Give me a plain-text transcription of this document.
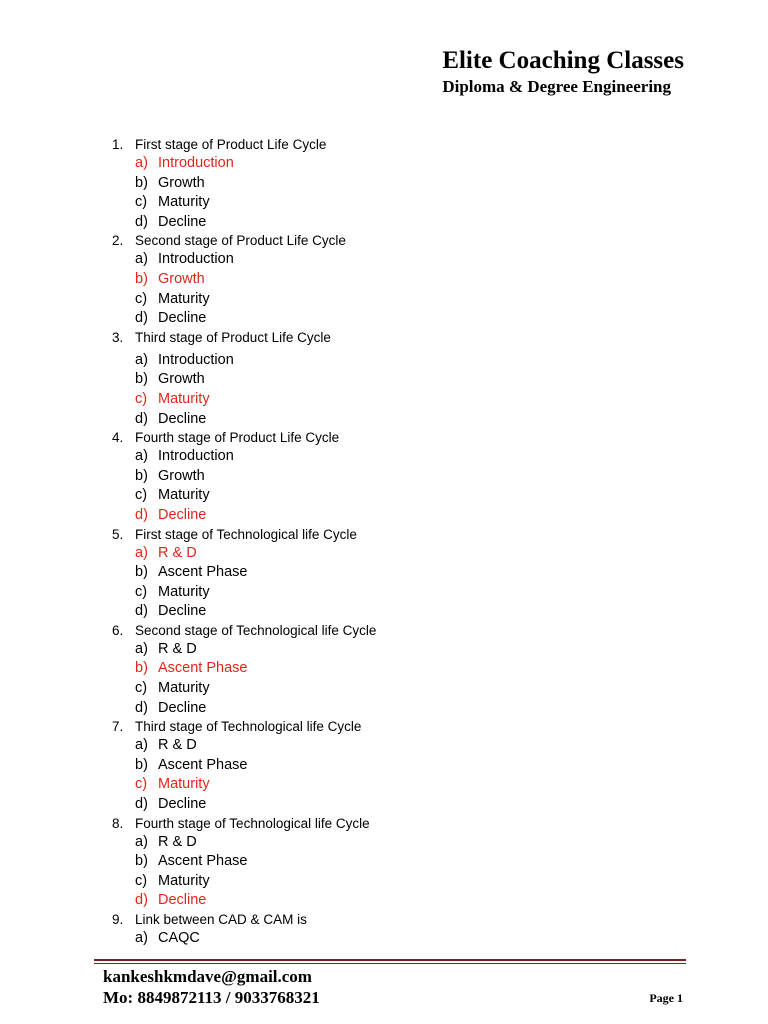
Elite Coaching Classes
Diploma & Degree Engineering
1. First stage of Product Life Cycle
a) Introduction
b) Growth
c) Maturity
d) Decline
2. Second stage of Product Life Cycle
a) Introduction
b) Growth
c) Maturity
d) Decline
3. Third stage of Product Life Cycle
a) Introduction
b) Growth
c) Maturity
d) Decline
4. Fourth stage of Product Life Cycle
a) Introduction
b) Growth
c) Maturity
d) Decline
5. First stage of Technological life Cycle
a) R & D
b) Ascent Phase
c) Maturity
d) Decline
6. Second stage of Technological life Cycle
a) R & D
b) Ascent Phase
c) Maturity
d) Decline
7. Third stage of Technological life Cycle
a) R & D
b) Ascent Phase
c) Maturity
d) Decline
8. Fourth stage of Technological life Cycle
a) R & D
b) Ascent Phase
c) Maturity
d) Decline
9. Link between CAD & CAM is
a) CAQC
kankeshkmdave@gmail.com
Mo: 8849872113 / 9033768321	Page 1
